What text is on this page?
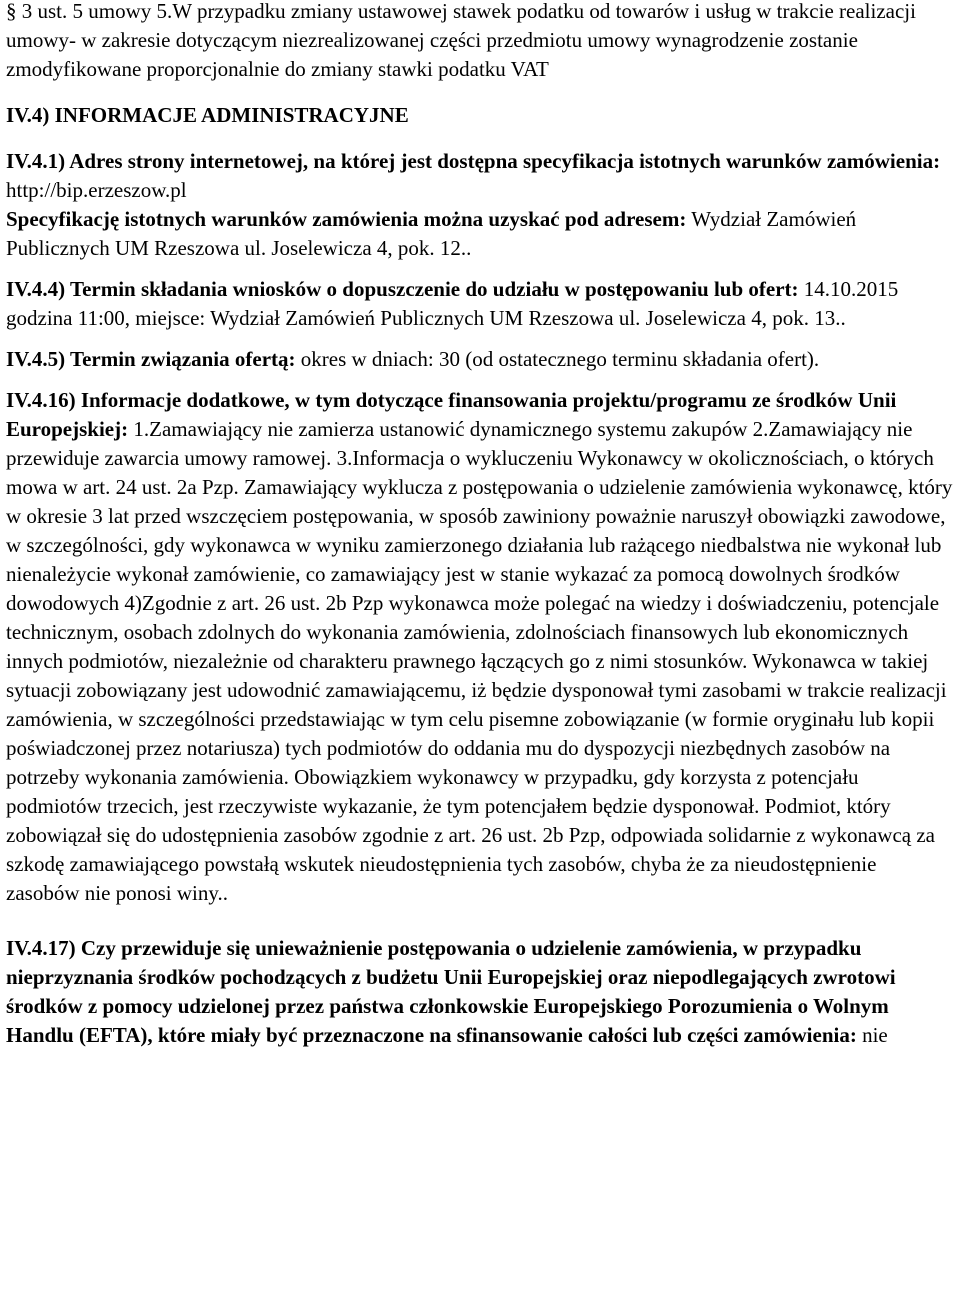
§ 3 ust. 5 umowy 5.W przypadku zmiany ustawowej stawek podatku od towarów i usług w trakcie realizacji umowy- w zakresie dotyczącym niezrealizowanej części przedmiotu umowy wynagrodzenie zostanie zmodyfikowane proporcjonalnie do zmiany stawki podatku VAT

IV.4) INFORMACJE ADMINISTRACYJNE

IV.4.1) Adres strony internetowej, na której jest dostępna specyfikacja istotnych warunków zamówienia: http://bip.erzeszow.pl

Specyfikację istotnych warunków zamówienia można uzyskać pod adresem: Wydział Zamówień Publicznych UM Rzeszowa ul. Joselewicza 4, pok. 12..

IV.4.4) Termin składania wniosków o dopuszczenie do udziału w postępowaniu lub ofert: 14.10.2015 godzina 11:00, miejsce: Wydział Zamówień Publicznych UM Rzeszowa ul. Joselewicza 4, pok. 13..

IV.4.5) Termin związania ofertą: okres w dniach: 30 (od ostatecznego terminu składania ofert).

IV.4.16) Informacje dodatkowe, w tym dotyczące finansowania projektu/programu ze środków Unii Europejskiej: 1.Zamawiający nie zamierza ustanowić dynamicznego systemu zakupów 2.Zamawiający nie przewiduje zawarcia umowy ramowej. 3.Informacja o wykluczeniu Wykonawcy w okolicznościach, o których mowa w art. 24 ust. 2a Pzp. Zamawiający wyklucza z postępowania o udzielenie zamówienia wykonawcę, który w okresie 3 lat przed wszczęciem postępowania, w sposób zawiniony poważnie naruszył obowiązki zawodowe, w szczególności, gdy wykonawca w wyniku zamierzonego działania lub rażącego niedbalstwa nie wykonał lub nienależycie wykonał zamówienie, co zamawiający jest w stanie wykazać za pomocą dowolnych środków dowodowych 4)Zgodnie z art. 26 ust. 2b Pzp wykonawca może polegać na wiedzy i doświadczeniu, potencjale technicznym, osobach zdolnych do wykonania zamówienia, zdolnościach finansowych lub ekonomicznych innych podmiotów, niezależnie od charakteru prawnego łączących go z nimi stosunków. Wykonawca w takiej sytuacji zobowiązany jest udowodnić zamawiającemu, iż będzie dysponował tymi zasobami w trakcie realizacji zamówienia, w szczególności przedstawiając w tym celu pisemne zobowiązanie (w formie oryginału lub kopii poświadczonej przez notariusza) tych podmiotów do oddania mu do dyspozycji niezbędnych zasobów na potrzeby wykonania zamówienia. Obowiązkiem wykonawcy w przypadku, gdy korzysta z potencjału podmiotów trzecich, jest rzeczywiste wykazanie, że tym potencjałem będzie dysponował. Podmiot, który zobowiązał się do udostępnienia zasobów zgodnie z art. 26 ust. 2b Pzp, odpowiada solidarnie z wykonawcą za szkodę zamawiającego powstałą wskutek nieudostępnienia tych zasobów, chyba że za nieudostępnienie zasobów nie ponosi winy..

IV.4.17) Czy przewiduje się unieważnienie postępowania o udzielenie zamówienia, w przypadku nieprzyznania środków pochodzących z budżetu Unii Europejskiej oraz niepodlegających zwrotowi środków z pomocy udzielonej przez państwa członkowskie Europejskiego Porozumienia o Wolnym Handlu (EFTA), które miały być przeznaczone na sfinansowanie całości lub części zamówienia: nie
